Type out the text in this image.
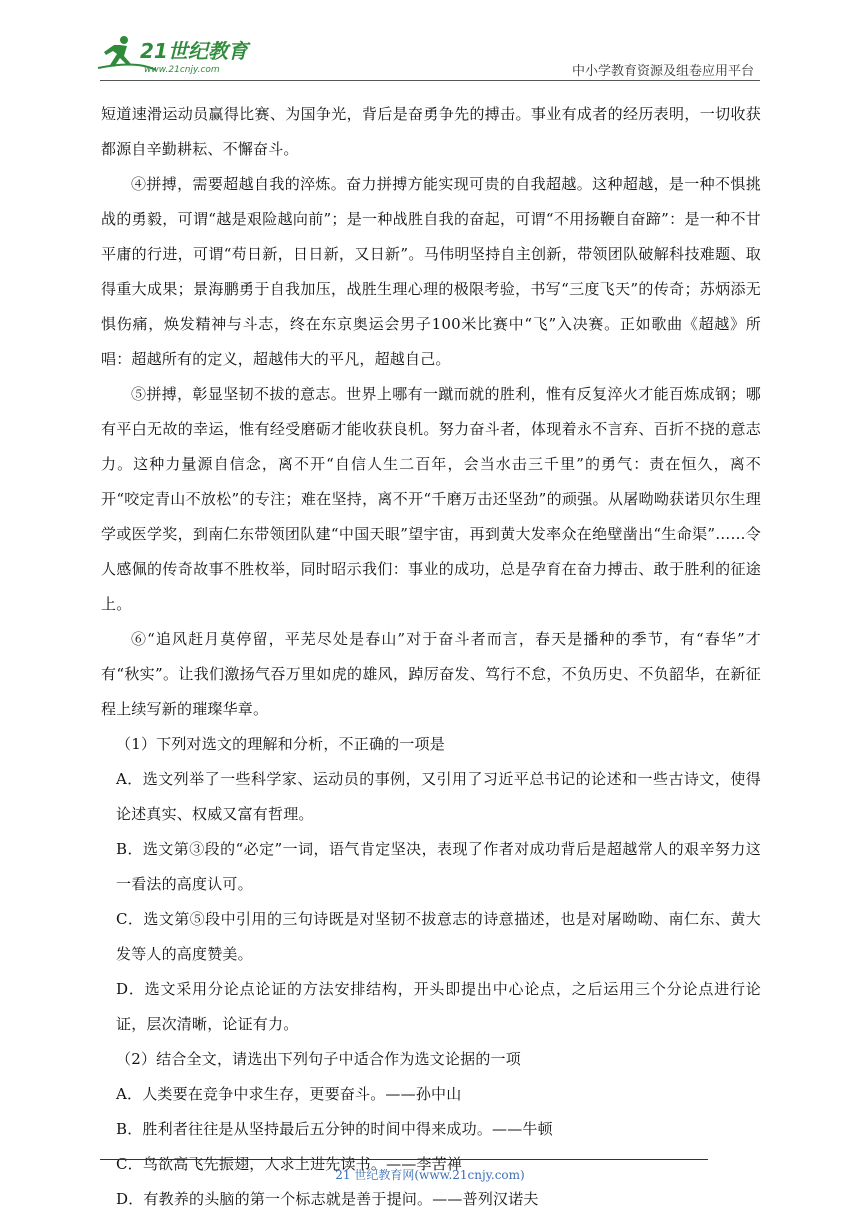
21世纪教育
www.21cnjy.com	中小学教育资源及组卷应用平台

短道速滑运动员赢得比赛、为国争光，背后是奋勇争先的搏击。事业有成者的经历表明，一切收获都源自辛勤耕耘、不懈奋斗。

④拼搏，需要超越自我的淬炼。奋力拼搏方能实现可贵的自我超越。这种超越，是一种不惧挑战的勇毅，可谓“越是艰险越向前”；是一种战胜自我的奋起，可谓“不用扬鞭自奋蹄”：是一种不甘平庸的行进，可谓“苟日新，日日新，又日新”。马伟明坚持自主创新，带领团队破解科技难题、取得重大成果；景海鹏勇于自我加压，战胜生理心理的极限考验，书写“三度飞天”的传奇；苏炳添无惧伤痛，焕发精神与斗志，终在东京奥运会男子100米比赛中“飞”入决赛。正如歌曲《超越》所唱：超越所有的定义，超越伟大的平凡，超越自己。

⑤拼搏，彰显坚韧不拔的意志。世界上哪有一蹴而就的胜利，惟有反复淬火才能百炼成钢；哪有平白无故的幸运，惟有经受磨砺才能收获良机。努力奋斗者，体现着永不言弃、百折不挠的意志力。这种力量源自信念，离不开“自信人生二百年，会当水击三千里”的勇气：责在恒久，离不开“咬定青山不放松”的专注；难在坚持，离不开“千磨万击还坚劲”的顽强。从屠呦呦获诺贝尔生理学或医学奖，到南仁东带领团队建“中国天眼”望宇宙，再到黄大发率众在绝壁凿出“生命渠”……令人感佩的传奇故事不胜枚举，同时昭示我们：事业的成功，总是孕育在奋力搏击、敢于胜利的征途上。

⑥“追风赶月莫停留，平芜尽处是春山”对于奋斗者而言，春天是播种的季节，有“春华”才有“秋实”。让我们激扬气吞万里如虎的雄风，踔厉奋发、笃行不怠，不负历史、不负韶华，在新征程上续写新的璀璨华章。

（1）下列对选文的理解和分析，不正确的一项是

A．选文列举了一些科学家、运动员的事例，又引用了习近平总书记的论述和一些古诗文，使得论述真实、权威又富有哲理。

B．选文第③段的“必定”一词，语气肯定坚决，表现了作者对成功背后是超越常人的艰辛努力这一看法的高度认可。

C．选文第⑤段中引用的三句诗既是对坚韧不拔意志的诗意描述，也是对屠呦呦、南仁东、黄大发等人的高度赞美。

D．选文采用分论点论证的方法安排结构，开头即提出中心论点，之后运用三个分论点进行论证，层次清晰，论证有力。

（2）结合全文，请选出下列句子中适合作为选文论据的一项

A．人类要在竞争中求生存，更要奋斗。——孙中山

B．胜利者往往是从坚持最后五分钟的时间中得来成功。——牛顿

C．鸟欲高飞先振翅，人求上进先读书。——李苦禅

D．有教养的头脑的第一个标志就是善于提问。——普列汉诺夫

21 世纪教育网(www.21cnjy.com)
